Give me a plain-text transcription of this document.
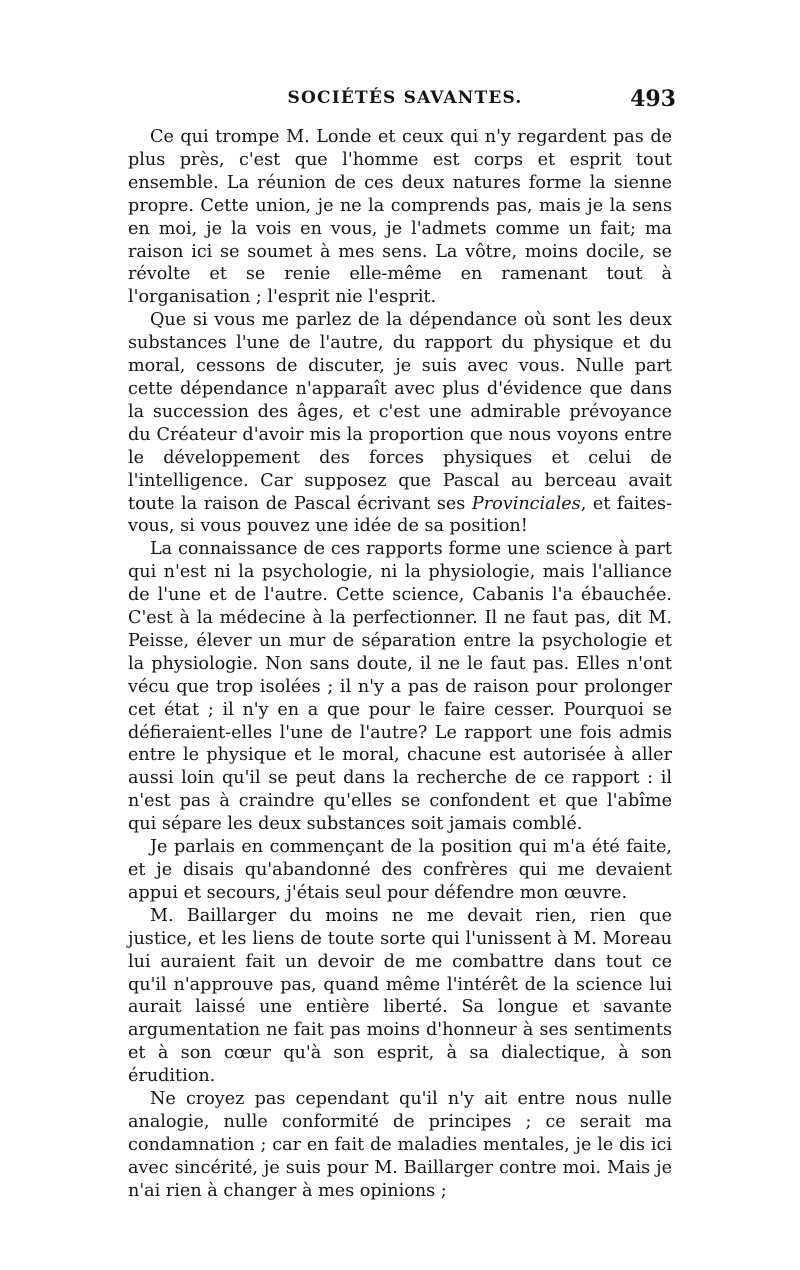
SOCIÉTÉS SAVANTES.	493

Ce qui trompe M. Londe et ceux qui n'y regardent pas de plus près, c'est que l'homme est corps et esprit tout ensemble. La réunion de ces deux natures forme la sienne propre. Cette union, je ne la comprends pas, mais je la sens en moi, je la vois en vous, je l'admets comme un fait; ma raison ici se soumet à mes sens. La vôtre, moins docile, se révolte et se renie elle-même en ramenant tout à l'organisation ; l'esprit nie l'esprit.

Que si vous me parlez de la dépendance où sont les deux substances l'une de l'autre, du rapport du physique et du moral, cessons de discuter, je suis avec vous. Nulle part cette dépendance n'apparaît avec plus d'évidence que dans la succession des âges, et c'est une admirable prévoyance du Créateur d'avoir mis la proportion que nous voyons entre le développement des forces physiques et celui de l'intelligence. Car supposez que Pascal au berceau avait toute la raison de Pascal écrivant ses Provinciales, et faites-vous, si vous pouvez une idée de sa position!

La connaissance de ces rapports forme une science à part qui n'est ni la psychologie, ni la physiologie, mais l'alliance de l'une et de l'autre. Cette science, Cabanis l'a ébauchée. C'est à la médecine à la perfectionner. Il ne faut pas, dit M. Peisse, élever un mur de séparation entre la psychologie et la physiologie. Non sans doute, il ne le faut pas. Elles n'ont vécu que trop isolées ; il n'y a pas de raison pour prolonger cet état ; il n'y en a que pour le faire cesser. Pourquoi se défieraient-elles l'une de l'autre? Le rapport une fois admis entre le physique et le moral, chacune est autorisée à aller aussi loin qu'il se peut dans la recherche de ce rapport : il n'est pas à craindre qu'elles se confondent et que l'abîme qui sépare les deux substances soit jamais comblé.

Je parlais en commençant de la position qui m'a été faite, et je disais qu'abandonné des confrères qui me devaient appui et secours, j'étais seul pour défendre mon œuvre.

M. Baillarger du moins ne me devait rien, rien que justice, et les liens de toute sorte qui l'unissent à M. Moreau lui auraient fait un devoir de me combattre dans tout ce qu'il n'approuve pas, quand même l'intérêt de la science lui aurait laissé une entière liberté. Sa longue et savante argumentation ne fait pas moins d'honneur à ses sentiments et à son cœur qu'à son esprit, à sa dialectique, à son érudition.

Ne croyez pas cependant qu'il n'y ait entre nous nulle analogie, nulle conformité de principes ; ce serait ma condamnation ; car en fait de maladies mentales, je le dis ici avec sincérité, je suis pour M. Baillarger contre moi. Mais je n'ai rien à changer à mes opinions ;
